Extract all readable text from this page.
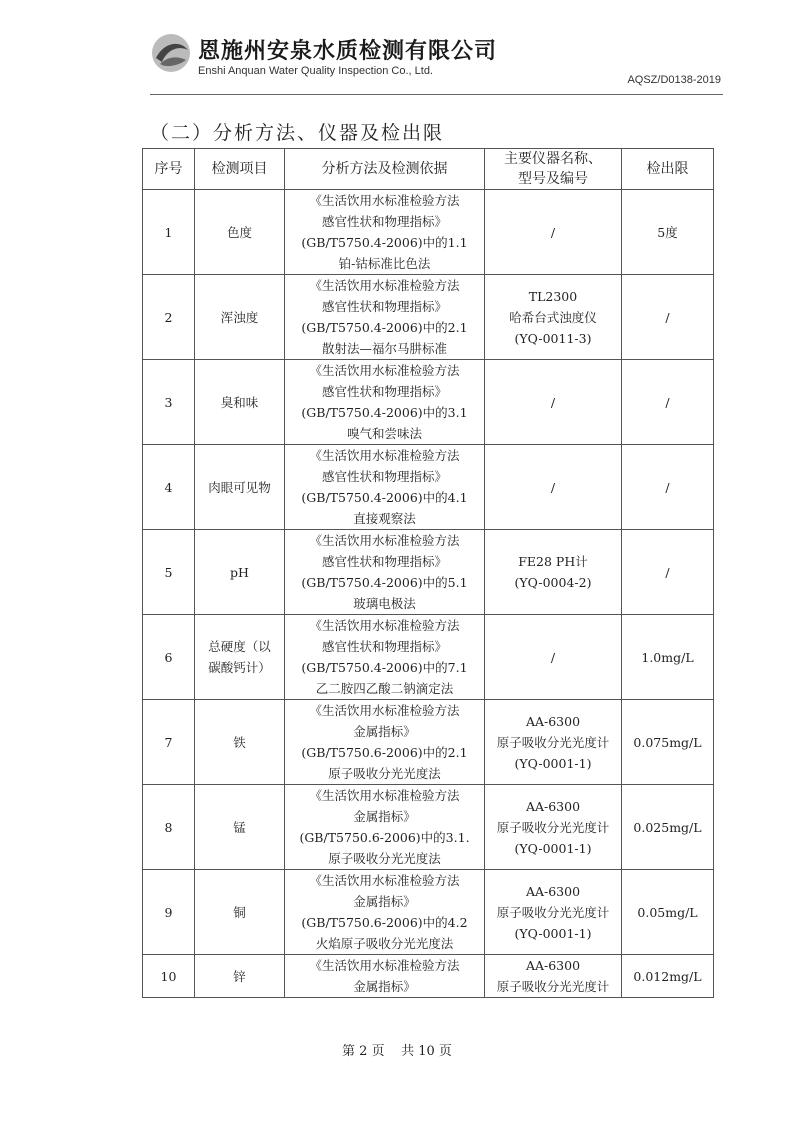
恩施州安泉水质检测有限公司
Enshi Anquan Water Quality Inspection Co., Ltd.
AQSZ/D0138-2019
（二）分析方法、仪器及检出限
序号	检测项目	分析方法及检测依据	主要仪器名称、
型号及编号	检出限
1	色度	《生活饮用水标准检验方法
感官性状和物理指标》
(GB/T5750.4-2006)中的1.1
铂-钴标准比色法	/	5度
2	浑浊度	《生活饮用水标准检验方法
感官性状和物理指标》
(GB/T5750.4-2006)中的2.1
散射法—福尔马肼标准	TL2300
哈希台式浊度仪
(YQ-0011-3)	/
3	臭和味	《生活饮用水标准检验方法
感官性状和物理指标》
(GB/T5750.4-2006)中的3.1
嗅气和尝味法	/	/
4	肉眼可见物	《生活饮用水标准检验方法
感官性状和物理指标》
(GB/T5750.4-2006)中的4.1
直接观察法	/	/
5	pH	《生活饮用水标准检验方法
感官性状和物理指标》
(GB/T5750.4-2006)中的5.1
玻璃电极法	FE28 PH计
(YQ-0004-2)	/
6	总硬度（以
碳酸钙计）	《生活饮用水标准检验方法
感官性状和物理指标》
(GB/T5750.4-2006)中的7.1
乙二胺四乙酸二钠滴定法	/	1.0mg/L
7	铁	《生活饮用水标准检验方法
金属指标》
(GB/T5750.6-2006)中的2.1
原子吸收分光光度法	AA-6300
原子吸收分光光度计
(YQ-0001-1)	0.075mg/L
8	锰	《生活饮用水标准检验方法
金属指标》
(GB/T5750.6-2006)中的3.1.
原子吸收分光光度法	AA-6300
原子吸收分光光度计
(YQ-0001-1)	0.025mg/L
9	铜	《生活饮用水标准检验方法
金属指标》
(GB/T5750.6-2006)中的4.2
火焰原子吸收分光光度法	AA-6300
原子吸收分光光度计
(YQ-0001-1)	0.05mg/L
10	锌	《生活饮用水标准检验方法
金属指标》	AA-6300
原子吸收分光光度计	0.012mg/L
第 2 页 共 10 页
